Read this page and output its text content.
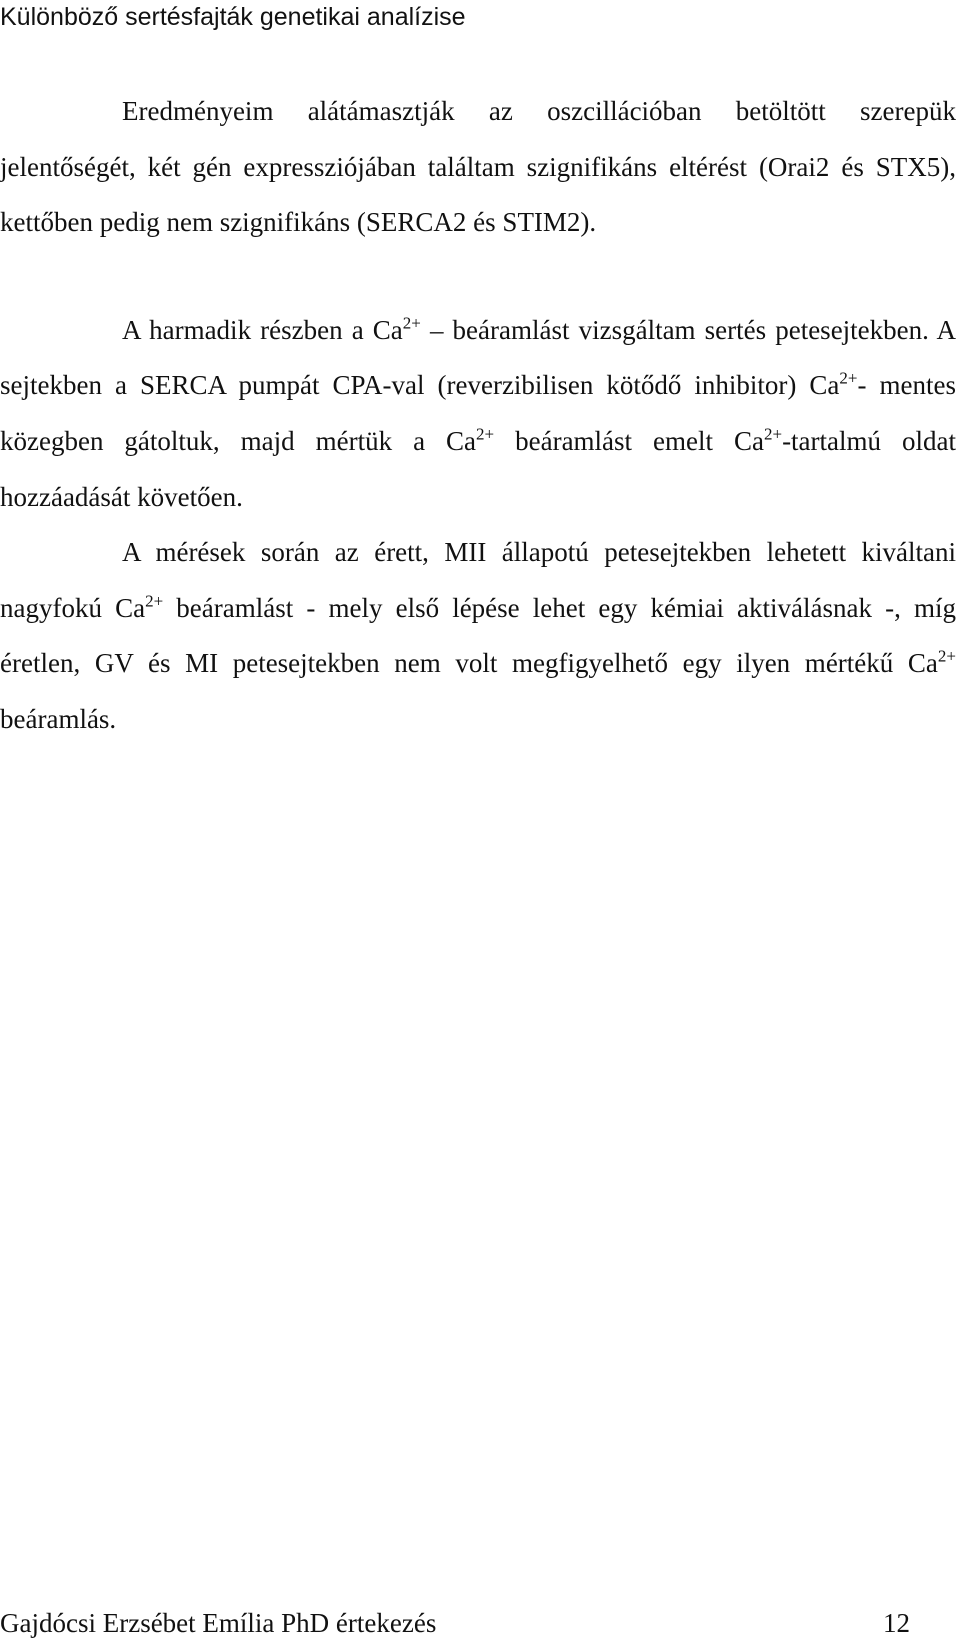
Különböző sertésfajták genetikai analízise

Eredményeim alátámasztják az oszcillációban betöltött szerepük jelentőségét, két gén expressziójában találtam szignifikáns eltérést (Orai2 és STX5), kettőben pedig nem szignifikáns (SERCA2 és STIM2).

A harmadik részben a $Ca^{2+}$ – beáramlást vizsgáltam sertés petesejtekben. A sejtekben a SERCA pumpát CPA-val (reverzibilisen kötődő inhibitor) $Ca^{2+}-$ mentes közegben gátoltuk, majd mértük a $Ca^{2+}$ beáramlást emelt $Ca^{2+}$-tartalmú oldat hozzáadását követően.

A mérések során az érett, MII állapotú petesejtekben lehetett kiváltani nagyfokú $Ca^{2+}$ beáramlást - mely első lépése lehet egy kémiai aktiválásnak -, míg éretlen, GV és MI petesejtekben nem volt megfigyelhető egy ilyen mértékű $Ca^{2+}$ beáramlás.

Gajdócsi Erzsébet Emília PhD értekezés	12
